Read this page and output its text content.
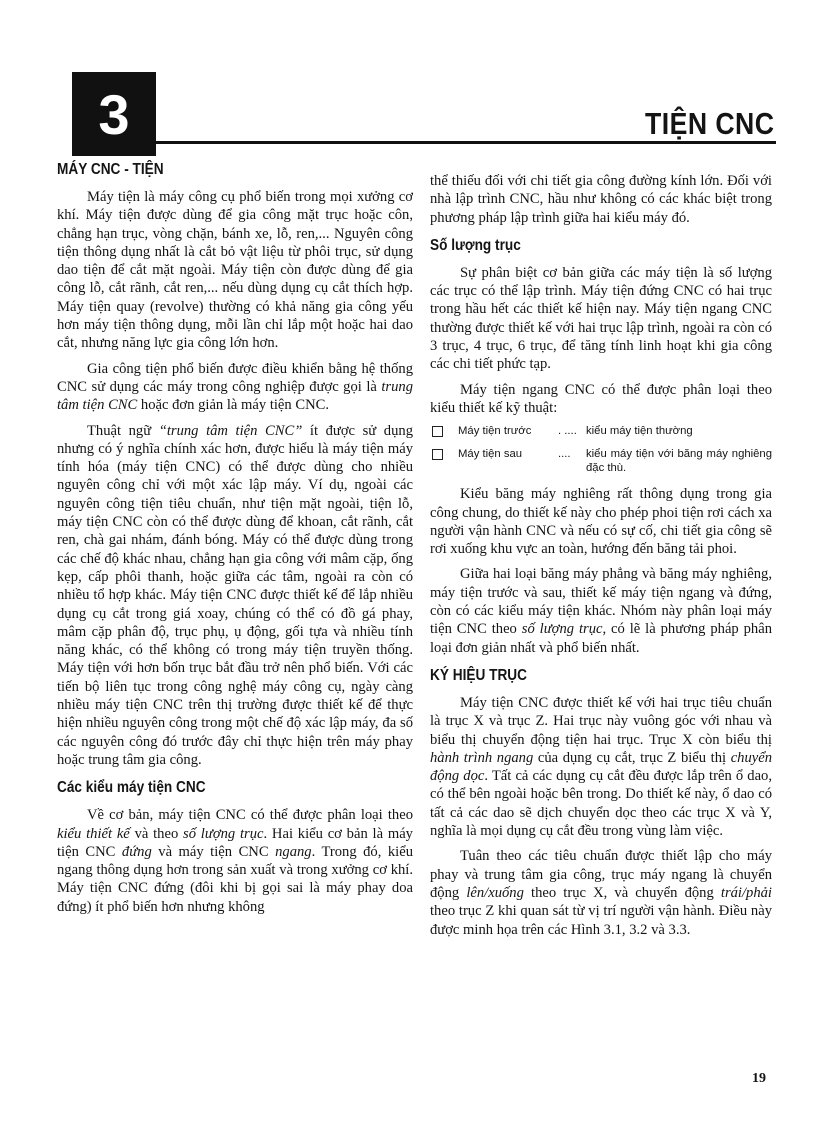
3	TIỆN CNC
MÁY CNC - TIỆN

Máy tiện là máy công cụ phổ biến trong mọi xưởng cơ khí. Máy tiện được dùng để gia công mặt trục hoặc côn, chẳng hạn trục, vòng chặn, bánh xe, lỗ, ren,... Nguyên công tiện thông dụng nhất là cắt bỏ vật liệu từ phôi trục, sử dụng dao tiện để cắt mặt ngoài. Máy tiện còn được dùng để gia công lỗ, cắt rãnh, cắt ren,... nếu dùng dụng cụ cắt thích hợp. Máy tiện quay (revolve) thường có khả năng gia công yếu hơn máy tiện thông dụng, mỗi lần chỉ lắp một hoặc hai dao cắt, nhưng năng lực gia công lớn hơn.

Gia công tiện phổ biến được điều khiển bằng hệ thống CNC sử dụng các máy trong công nghiệp được gọi là trung tâm tiện CNC hoặc đơn giản là máy tiện CNC.

Thuật ngữ “trung tâm tiện CNC” ít được sử dụng nhưng có ý nghĩa chính xác hơn, được hiểu là máy tiện máy tính hóa (máy tiện CNC) có thể được dùng cho nhiều nguyên công chỉ với một xác lập máy. Ví dụ, ngoài các nguyên công tiện tiêu chuẩn, như tiện mặt ngoài, tiện lỗ, máy tiện CNC còn có thể được dùng để khoan, cắt rãnh, cắt ren, chà gai nhám, đánh bóng. Máy có thể được dùng trong các chế độ khác nhau, chẳng hạn gia công với mâm cặp, ống kẹp, cấp phôi thanh, hoặc giữa các tâm, ngoài ra còn có nhiều tổ hợp khác. Máy tiện CNC được thiết kế để lắp nhiều dụng cụ cắt trong giá xoay, chúng có thể có đồ gá phay, mâm cặp phân độ, trục phụ, ụ động, gối tựa và nhiều tính năng khác, có thể không có trong máy tiện truyền thống. Máy tiện với hơn bốn trục bắt đầu trở nên phổ biến. Với các tiến bộ liên tục trong công nghệ máy công cụ, ngày càng nhiều máy tiện CNC trên thị trường được thiết kế để thực hiện nhiều nguyên công trong một chế độ xác lập máy, đa số các nguyên công đó trước đây chỉ thực hiện trên máy phay hoặc trung tâm gia công.

Các kiểu máy tiện CNC

Về cơ bản, máy tiện CNC có thể được phân loại theo kiểu thiết kế và theo số lượng trục. Hai kiểu cơ bản là máy tiện CNC đứng và máy tiện CNC ngang. Trong đó, kiểu ngang thông dụng hơn trong sản xuất và trong xưởng cơ khí. Máy tiện CNC đứng (đôi khi bị gọi sai là máy phay doa đứng) ít phổ biến hơn nhưng không

thể thiếu đối với chi tiết gia công đường kính lớn. Đối với nhà lập trình CNC, hầu như không có các khác biệt trong phương pháp lập trình giữa hai kiểu máy đó.

Số lượng trục

Sự phân biệt cơ bản giữa các máy tiện là số lượng các trục có thể lập trình. Máy tiện đứng CNC có hai trục trong hầu hết các thiết kế hiện nay. Máy tiện ngang CNC thường được thiết kế với hai trục lập trình, ngoài ra còn có 3 trục, 4 trục, 6 trục, để tăng tính linh hoạt khi gia công các chi tiết phức tạp.

Máy tiện ngang CNC có thể được phân loại theo kiểu thiết kế kỹ thuật:

Máy tiện trước	. .... kiểu máy tiện thường
Máy tiện sau	....	kiểu máy tiện với băng máy nghiêng đặc thù.

Kiểu băng máy nghiêng rất thông dụng trong gia công chung, do thiết kế này cho phép phoi tiện rơi cách xa người vận hành CNC và nếu có sự cố, chi tiết gia công sẽ rơi xuống khu vực an toàn, hướng đến băng tải phoi.

Giữa hai loại băng máy phẳng và băng máy nghiêng, máy tiện trước và sau, thiết kế máy tiện ngang và đứng, còn có các kiểu máy tiện khác. Nhóm này phân loại máy tiện CNC theo số lượng trục, có lẽ là phương pháp phân loại đơn giản nhất và phổ biến nhất.

KÝ HIỆU TRỤC

Máy tiện CNC được thiết kế với hai trục tiêu chuẩn là trục X và trục Z. Hai trục này vuông góc với nhau và biểu thị chuyển động tiện hai trục. Trục X còn biểu thị hành trình ngang của dụng cụ cắt, trục Z biểu thị chuyển động dọc. Tất cả các dụng cụ cắt đều được lắp trên ổ dao, có thể bên ngoài hoặc bên trong. Do thiết kế này, ổ dao có tất cả các dao sẽ dịch chuyển dọc theo các trục X và Y, nghĩa là mọi dụng cụ cắt đều trong vùng làm việc.

Tuân theo các tiêu chuẩn được thiết lập cho máy phay và trung tâm gia công, trục máy ngang là chuyển động lên/xuống theo trục X, và chuyển động trái/phải theo trục Z khi quan sát từ vị trí người vận hành. Điều này được minh họa trên các Hình 3.1, 3.2 và 3.3.

19
